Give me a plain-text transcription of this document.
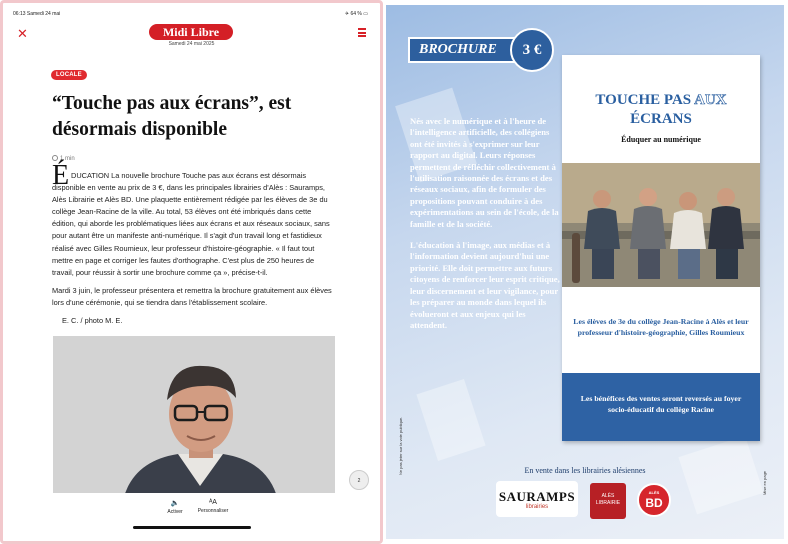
06:13 Samedi 24 mai	✈ 64 % ▭
✕	Midi Libre
Samedi 24 mai 2025
LOCALE
“Touche pas aux écrans”, est désormais disponible
1 min
É DUCATION La nouvelle brochure Touche pas aux écrans est désormais disponible en vente au prix de 3 €, dans les principales librairies d'Alès : Sauramps, Alès Librairie et Alès BD. Une plaquette entièrement rédigée par les élèves de 3e du collège Jean-Racine de la ville. Au total, 53 élèves ont été imbriqués dans cette édition, qui aborde les problématiques liées aux écrans et aux réseaux sociaux, sans pour autant être un manifeste anti-numérique. Il s'agit d'un travail long et fastidieux réalisé avec Gilles Roumieux, leur professeur d'histoire-géographie. « Il faut tout mettre en page et corriger les fautes d'orthographe. C'est plus de 250 heures de travail, pour réussir à sortir une brochure comme ça », précise-t-il.

Mardi 3 juin, le professeur présentera et remettra la brochure gratuitement aux élèves lors d'une cérémonie, qui se tiendra dans l'établissement scolaire.

E. C. / photo M. E.

2
🔈
Activer
ᴬA
Personnaliser
BROCHURE	3 €

Nés avec le numérique et à l'heure de l'intelligence artificielle, des collégiens ont été invités à s'exprimer sur leur rapport au digital. Leurs réponses permettent de réfléchir collectivement à l'utilisation raisonnée des écrans et des réseaux sociaux, afin de formuler des propositions pouvant conduire à des expérimentations au sein de l'école, de la famille et de la société.

L'éducation à l'image, aux médias et à l'information devient aujourd'hui une priorité. Elle doit permettre aux futurs citoyens de renforcer leur esprit critique, leur discernement et leur vigilance, pour les préparer au monde dans lequel ils évolueront et aux enjeux qui les attendent.

TOUCHE PAS AUX
ÉCRANS
Éduquer au numérique
Les élèves de 3e du collège Jean-Racine à Alès et leur professeur d'histoire-géographie, Gilles Roumieux
Les bénéfices des ventes seront reversés au foyer socio-éducatif du collège Racine
Ne pas jeter sur la voie publique.
Mise en page
En vente dans les librairies alésiennes
SAURAMPS
librairies
ALÈS LIBRAIRIE
ALÈS
BD
